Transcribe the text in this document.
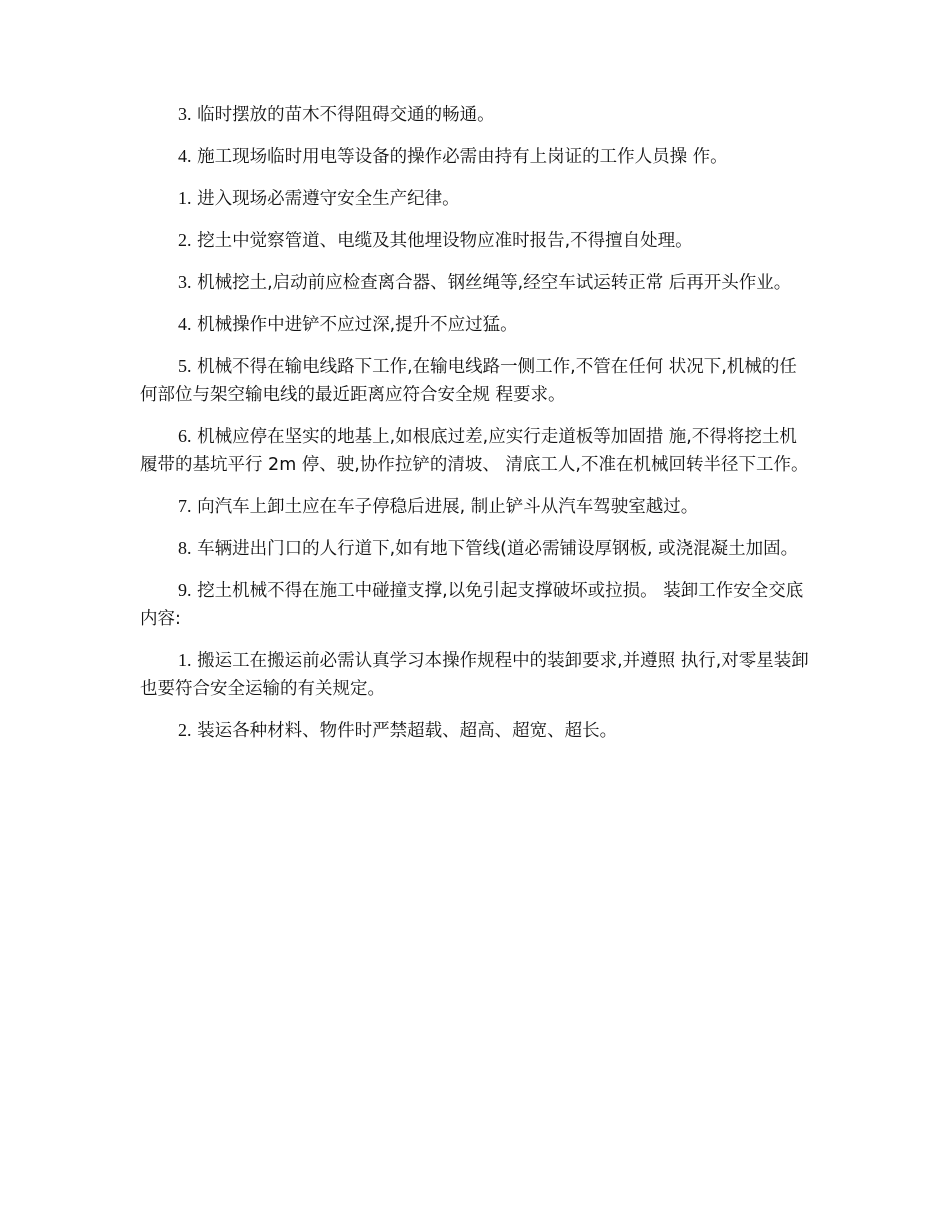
3. 临时摆放的苗木不得阻碍交通的畅通。

4. 施工现场临时用电等设备的操作必需由持有上岗证的工作人员操 作。

1. 进入现场必需遵守安全生产纪律。

2. 挖土中觉察管道、电缆及其他埋设物应准时报告,不得擅自处理。

3. 机械挖土,启动前应检查离合器、钢丝绳等,经空车试运转正常 后再开头作业。

4. 机械操作中进铲不应过深,提升不应过猛。

5. 机械不得在输电线路下工作,在输电线路一侧工作,不管在任何 状况下,机械的任何部位与架空输电线的最近距离应符合安全规 程要求。

6. 机械应停在坚实的地基上,如根底过差,应实行走道板等加固措 施,不得将挖土机履带的基坑平行 2m 停、驶,协作拉铲的清坡、 清底工人,不准在机械回转半径下工作。

7. 向汽车上卸土应在车子停稳后进展, 制止铲斗从汽车驾驶室越过。

8. 车辆进出门口的人行道下,如有地下管线(道必需铺设厚钢板, 或浇混凝土加固。

9. 挖土机械不得在施工中碰撞支撑,以免引起支撑破坏或拉损。 装卸工作安全交底内容:

1. 搬运工在搬运前必需认真学习本操作规程中的装卸要求,并遵照 执行,对零星装卸也要符合安全运输的有关规定。

2. 装运各种材料、物件时严禁超载、超高、超宽、超长。
